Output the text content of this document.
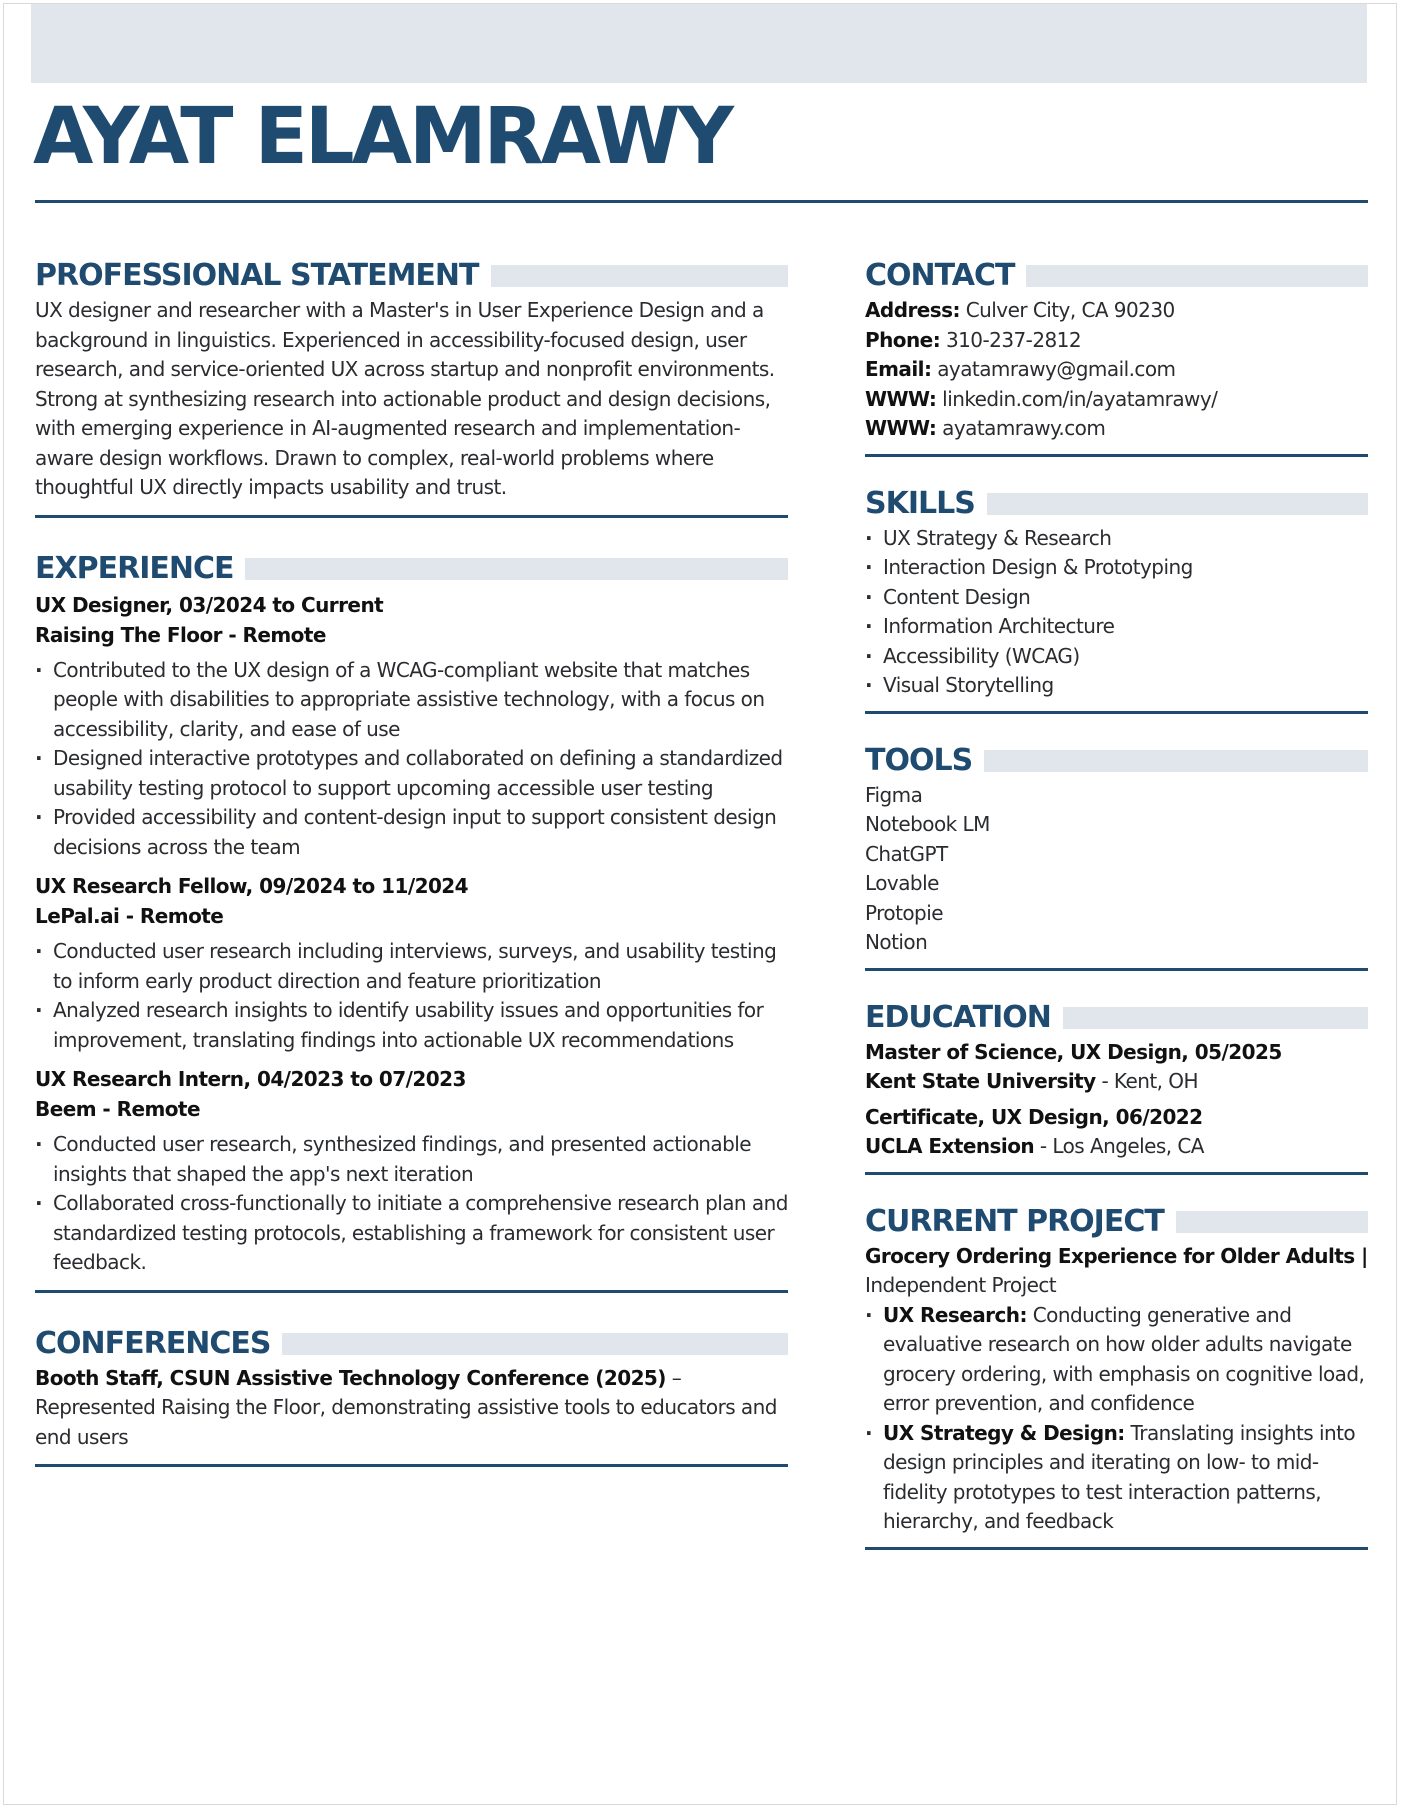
AYAT ELAMRAWY
PROFESSIONAL STATEMENT

UX designer and researcher with a Master's in User Experience Design and a background in linguistics. Experienced in accessibility-focused design, user research, and service-oriented UX across startup and nonprofit environments. Strong at synthesizing research into actionable product and design decisions, with emerging experience in AI-augmented research and implementation-aware design workflows. Drawn to complex, real-world problems where thoughtful UX directly impacts usability and trust.

EXPERIENCE
UX Designer, 03/2024 to Current
Raising The Floor - Remote
· Contributed to the UX design of a WCAG-compliant website that matches people with disabilities to appropriate assistive technology, with a focus on accessibility, clarity, and ease of use
· Designed interactive prototypes and collaborated on defining a standardized usability testing protocol to support upcoming accessible user testing
· Provided accessibility and content-design input to support consistent design decisions across the team
UX Research Fellow, 09/2024 to 11/2024
LePal.ai - Remote
· Conducted user research including interviews, surveys, and usability testing to inform early product direction and feature prioritization
· Analyzed research insights to identify usability issues and opportunities for improvement, translating findings into actionable UX recommendations
UX Research Intern, 04/2023 to 07/2023
Beem - Remote
· Conducted user research, synthesized findings, and presented actionable insights that shaped the app's next iteration
· Collaborated cross-functionally to initiate a comprehensive research plan and standardized testing protocols, establishing a framework for consistent user feedback.
CONFERENCES

Booth Staff, CSUN Assistive Technology Conference (2025) – Represented Raising the Floor, demonstrating assistive tools to educators and end users

CONTACT
Address: Culver City, CA 90230
Phone: 310-237-2812
Email: ayatamrawy@gmail.com
WWW: linkedin.com/in/ayatamrawy/
WWW: ayatamrawy.com
SKILLS
· UX Strategy & Research
· Interaction Design & Prototyping
· Content Design
· Information Architecture
· Accessibility (WCAG)
· Visual Storytelling
TOOLS
Figma
Notebook LM
ChatGPT
Lovable
Protopie
Notion
EDUCATION
Master of Science, UX Design, 05/2025
Kent State University - Kent, OH
Certificate, UX Design, 06/2022
UCLA Extension - Los Angeles, CA
CURRENT PROJECT
Grocery Ordering Experience for Older Adults |
Independent Project
· UX Research: Conducting generative and evaluative research on how older adults navigate grocery ordering, with emphasis on cognitive load, error prevention, and confidence
· UX Strategy & Design: Translating insights into design principles and iterating on low- to mid-fidelity prototypes to test interaction patterns, hierarchy, and feedback
